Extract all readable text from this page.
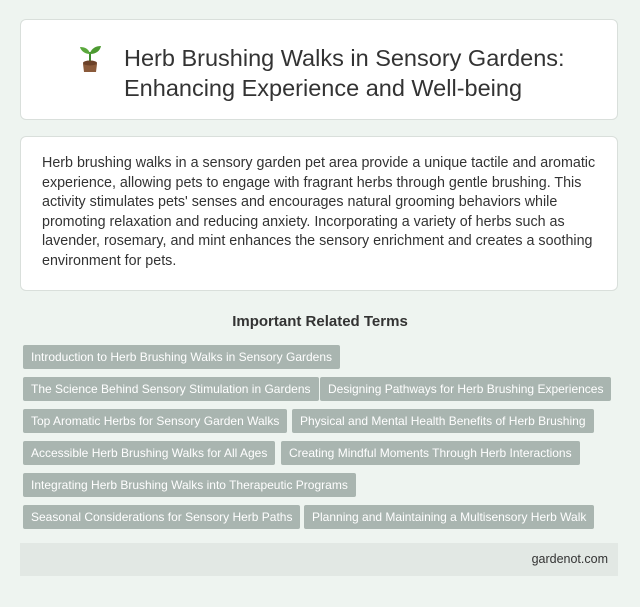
Herb Brushing Walks in Sensory Gardens:
Enhancing Experience and Well-being

Herb brushing walks in a sensory garden pet area provide a unique tactile and aromatic experience, allowing pets to engage with fragrant herbs through gentle brushing. This activity stimulates pets' senses and encourages natural grooming behaviors while promoting relaxation and reducing anxiety. Incorporating a variety of herbs such as lavender, rosemary, and mint enhances the sensory enrichment and creates a soothing environment for pets.

Important Related Terms
Introduction to Herb Brushing Walks in Sensory Gardens
The Science Behind Sensory Stimulation in Gardens	Designing Pathways for Herb Brushing Experiences
Top Aromatic Herbs for Sensory Garden Walks	Physical and Mental Health Benefits of Herb Brushing
Accessible Herb Brushing Walks for All Ages	Creating Mindful Moments Through Herb Interactions
Integrating Herb Brushing Walks into Therapeutic Programs
Seasonal Considerations for Sensory Herb Paths	Planning and Maintaining a Multisensory Herb Walk
gardenot.com
